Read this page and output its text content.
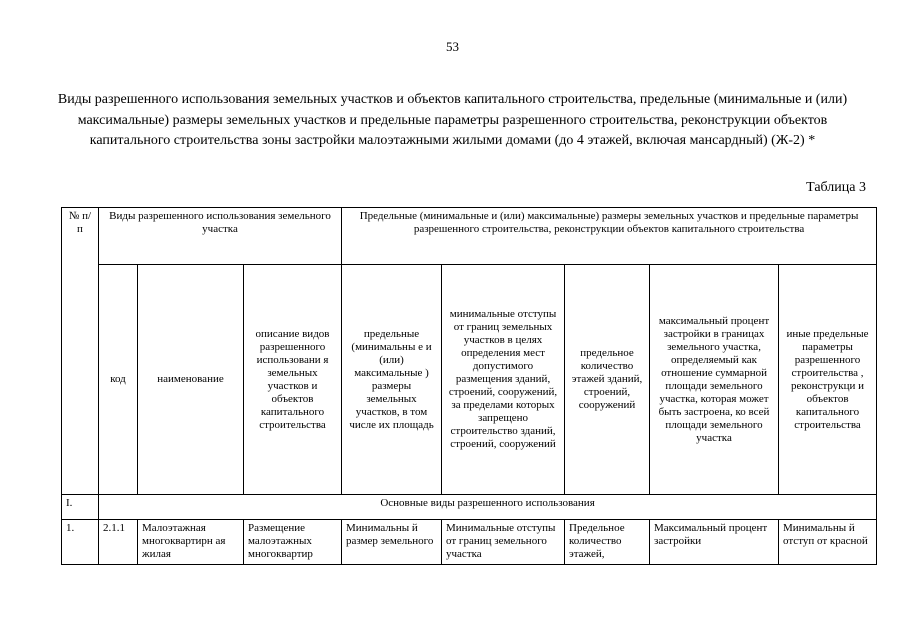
53
Виды разрешенного использования земельных участков и объектов капитального строительства, предельные (минимальные и (или) максимальные) размеры земельных участков и предельные параметры разрешенного строительства, реконструкции объектов капитального строительства зоны застройки малоэтажными жилыми домами (до 4 этажей, включая мансардный) (Ж-2) *
Таблица 3
№ п/п	Виды разрешенного использования земельного участка			Предельные (минимальные и (или) максимальные) размеры земельных участков и предельные параметры разрешенного строительства, реконструкции объектов капитального строительства				
	код	наименование	описание видов разрешенного использовани я земельных участков и объектов капитального строительства	предельные (минимальны е и (или) максимальные ) размеры земельных участков, в том числе их площадь	минимальные отступы от границ земельных участков в целях определения мест допустимого размещения зданий, строений, сооружений, за пределами которых запрещено строительство зданий, строений, сооружений	предельное количество этажей зданий, строений, сооружений	максимальный процент застройки в границах земельного участка, определяемый как отношение суммарной площади земельного участка, которая может быть застроена, ко всей площади земельного участка	иные предельные параметры разрешенного строительства , реконструкци и объектов капитального строительства
I.	Основные виды разрешенного использования							
1.	2.1.1	Малоэтажная многоквартирн ая жилая	Размещение малоэтажных многоквартир	Минимальны й размер земельного	Минимальные отступы от границ земельного участка	Предельное количество этажей,	Максимальный процент застройки	Минимальны й отступ от красной
